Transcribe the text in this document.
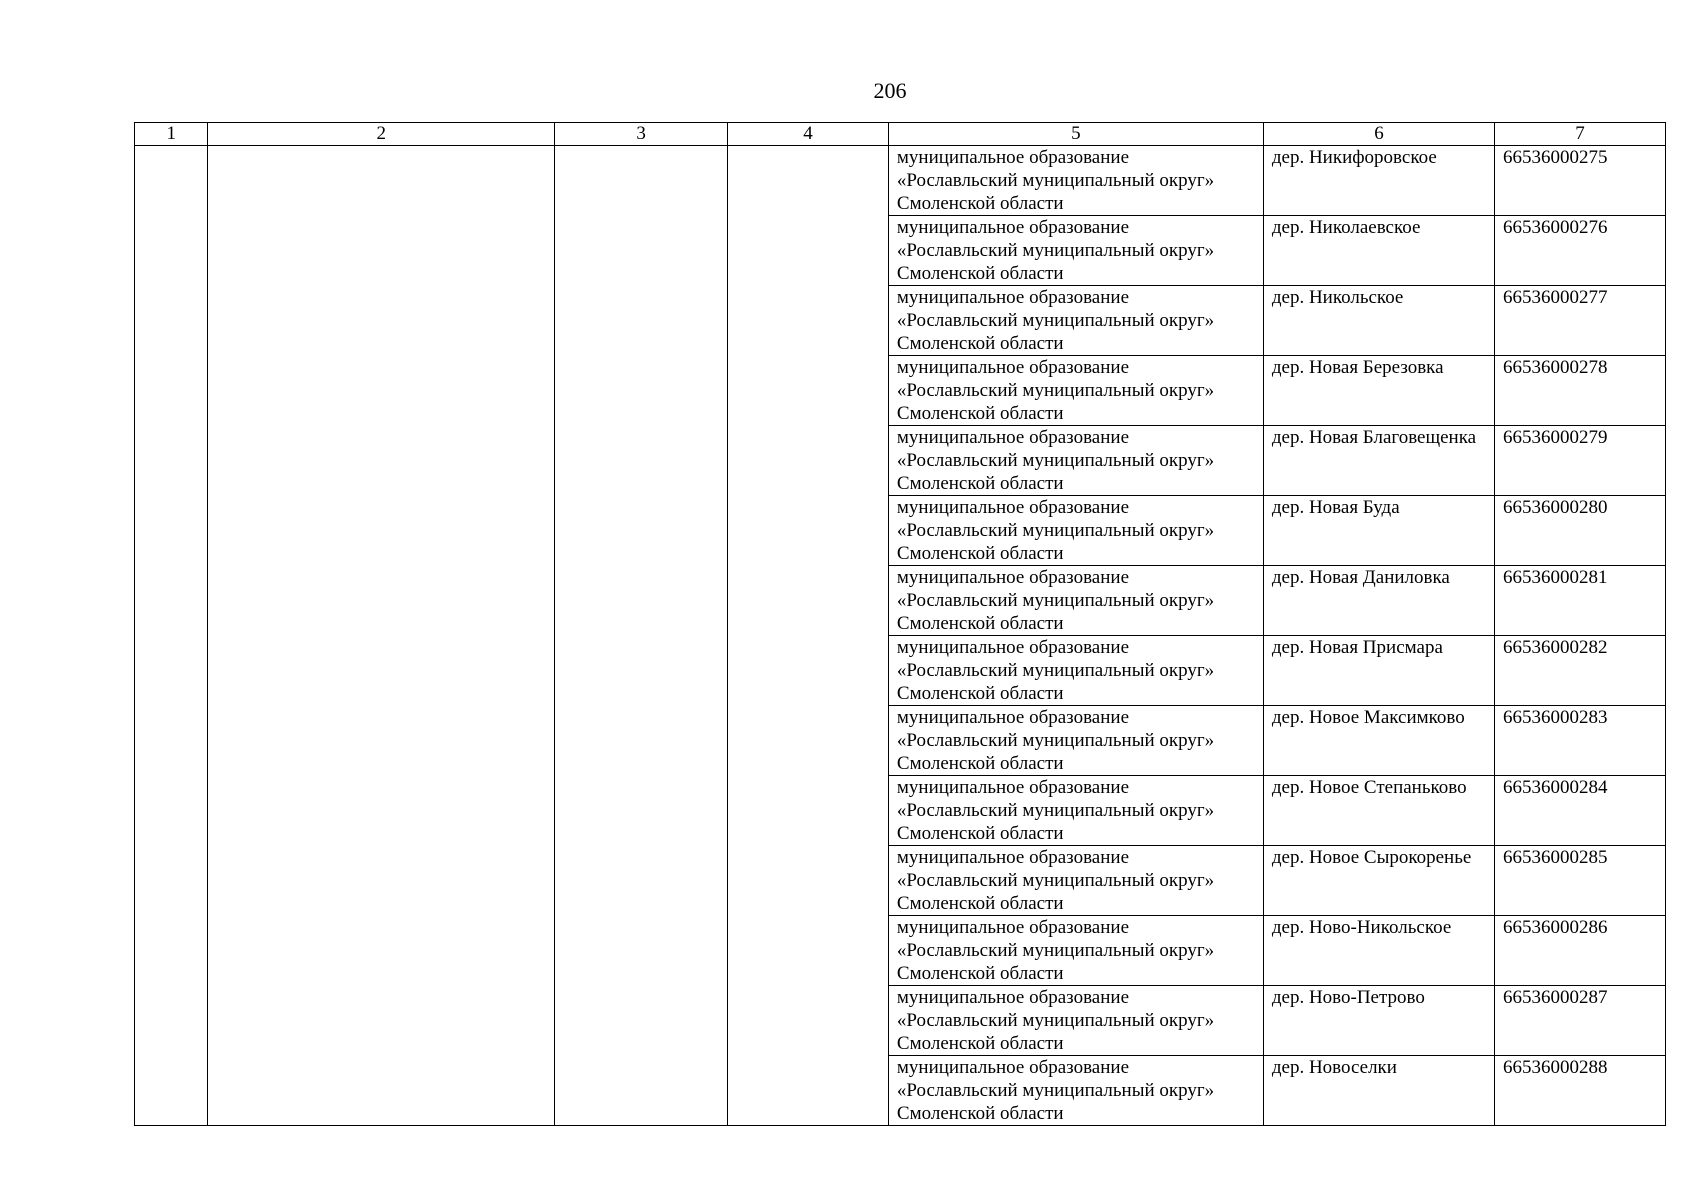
206
1	2	3	4	5	6	7

				муниципальное образование
«Рославльский муниципальный округ»
Смоленской области	дер. Никифоровское	66536000275

				муниципальное образование
«Рославльский муниципальный округ»
Смоленской области	дер. Николаевское	66536000276

				муниципальное образование
«Рославльский муниципальный округ»
Смоленской области	дер. Никольское	66536000277

				муниципальное образование
«Рославльский муниципальный округ»
Смоленской области	дер. Новая Березовка	66536000278

				муниципальное образование
«Рославльский муниципальный округ»
Смоленской области	дер. Новая Благовещенка	66536000279

				муниципальное образование
«Рославльский муниципальный округ»
Смоленской области	дер. Новая Буда	66536000280

				муниципальное образование
«Рославльский муниципальный округ»
Смоленской области	дер. Новая Даниловка	66536000281

				муниципальное образование
«Рославльский муниципальный округ»
Смоленской области	дер. Новая Присмара	66536000282

				муниципальное образование
«Рославльский муниципальный округ»
Смоленской области	дер. Новое Максимково	66536000283

				муниципальное образование
«Рославльский муниципальный округ»
Смоленской области	дер. Новое Степаньково	66536000284

				муниципальное образование
«Рославльский муниципальный округ»
Смоленской области	дер. Новое Сырокоренье	66536000285

				муниципальное образование
«Рославльский муниципальный округ»
Смоленской области	дер. Ново-Никольское	66536000286

				муниципальное образование
«Рославльский муниципальный округ»
Смоленской области	дер. Ново-Петрово	66536000287

				муниципальное образование
«Рославльский муниципальный округ»
Смоленской области	дер. Новоселки	66536000288
